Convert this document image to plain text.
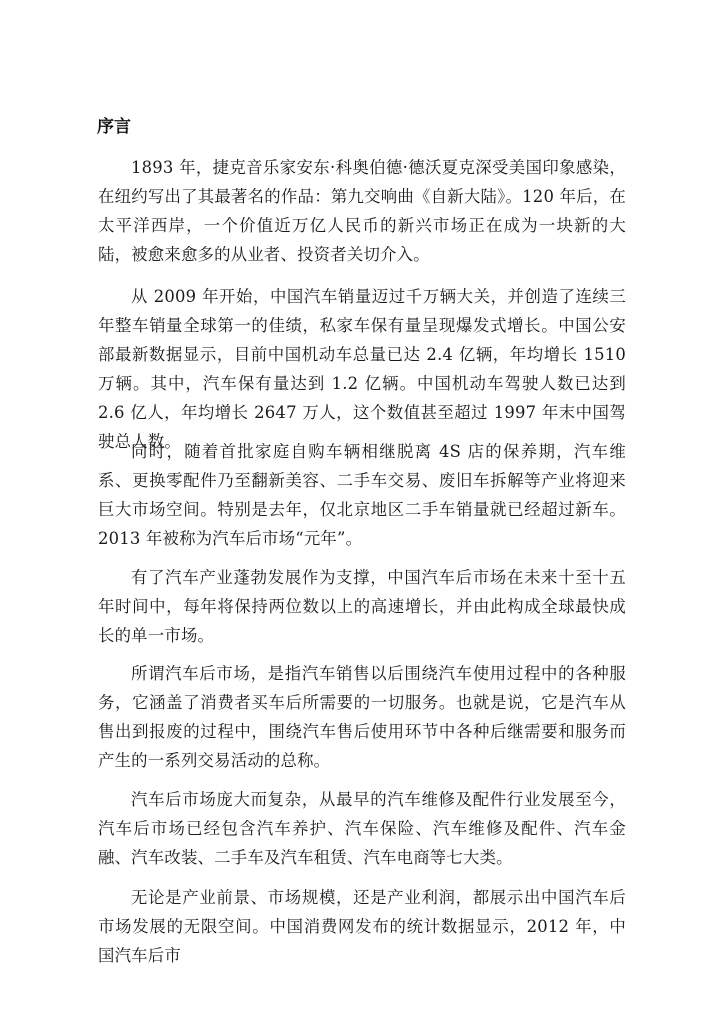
序言

1893 年，捷克音乐家安东·科奥伯德·德沃夏克深受美国印象感染，在纽约写出了其最著名的作品：第九交响曲《自新大陆》。120 年后，在太平洋西岸，一个价值近万亿人民币的新兴市场正在成为一块新的大陆，被愈来愈多的从业者、投资者关切介入。

从 2009 年开始，中国汽车销量迈过千万辆大关，并创造了连续三年整车销量全球第一的佳绩，私家车保有量呈现爆发式增长。中国公安部最新数据显示，目前中国机动车总量已达 2.4 亿辆，年均增长 1510 万辆。其中，汽车保有量达到 1.2 亿辆。中国机动车驾驶人数已达到 2.6 亿人，年均增长 2647 万人，这个数值甚至超过 1997 年末中国驾驶总人数。

同时，随着首批家庭自购车辆相继脱离 4S 店的保养期，汽车维系、更换零配件乃至翻新美容、二手车交易、废旧车拆解等产业将迎来巨大市场空间。特别是去年，仅北京地区二手车销量就已经超过新车。2013 年被称为汽车后市场“元年”。

有了汽车产业蓬勃发展作为支撑，中国汽车后市场在未来十至十五年时间中，每年将保持两位数以上的高速增长，并由此构成全球最快成长的单一市场。

所谓汽车后市场，是指汽车销售以后围绕汽车使用过程中的各种服务，它涵盖了消费者买车后所需要的一切服务。也就是说，它是汽车从售出到报废的过程中，围绕汽车售后使用环节中各种后继需要和服务而产生的一系列交易活动的总称。

汽车后市场庞大而复杂，从最早的汽车维修及配件行业发展至今，汽车后市场已经包含汽车养护、汽车保险、汽车维修及配件、汽车金融、汽车改装、二手车及汽车租赁、汽车电商等七大类。

无论是产业前景、市场规模，还是产业利润，都展示出中国汽车后市场发展的无限空间。中国消费网发布的统计数据显示，2012 年，中国汽车后市
